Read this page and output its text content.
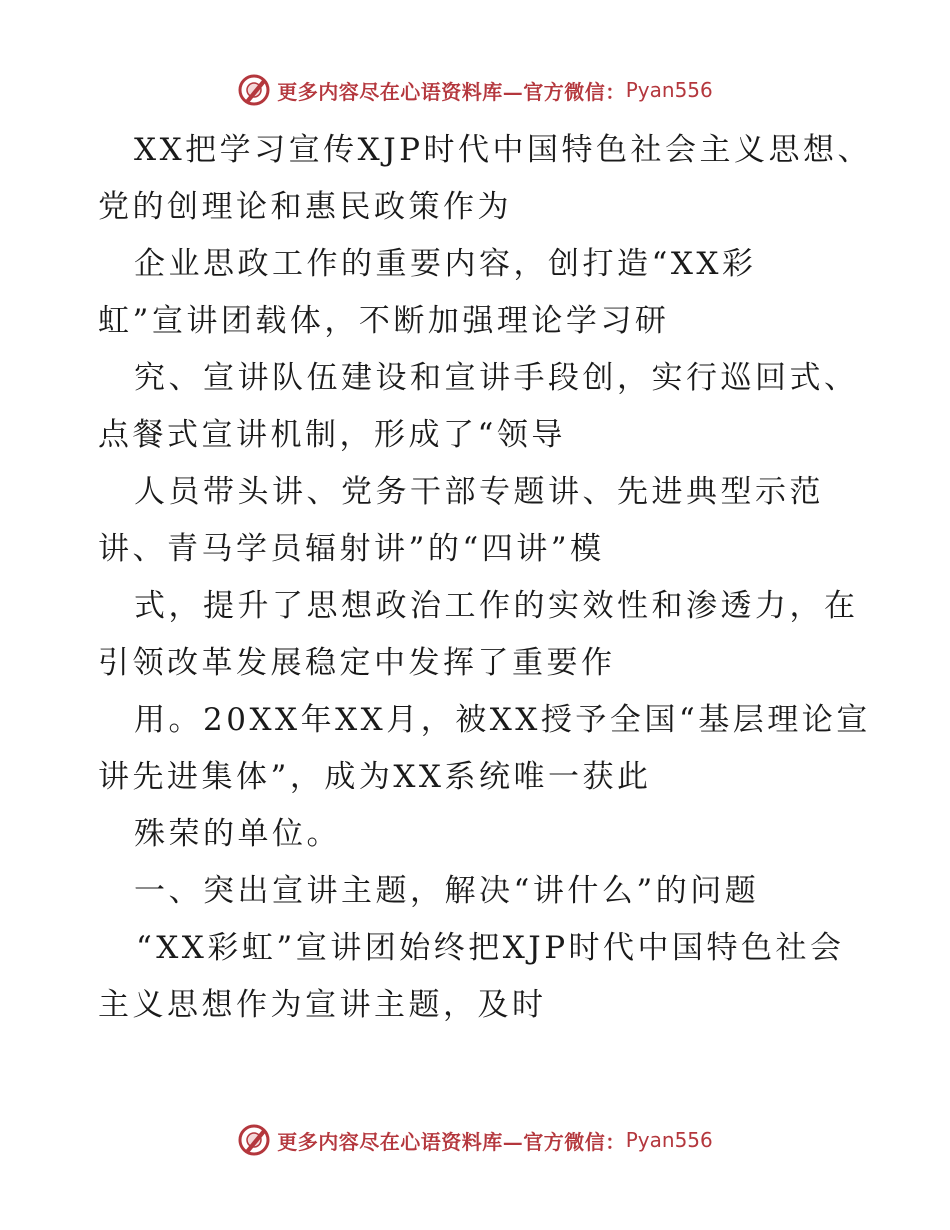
更多内容尽在心语资料库—官方微信： Pyan556
XX把学习宣传XJP时代中国特色社会主义思想、
党的创理论和惠民政策作为
企业思政工作的重要内容，创打造“XX彩
虹”宣讲团载体，不断加强理论学习研
究、宣讲队伍建设和宣讲手段创，实行巡回式、
点餐式宣讲机制，形成了“领导
人员带头讲、党务干部专题讲、先进典型示范
讲、青马学员辐射讲”的“四讲”模
式，提升了思想政治工作的实效性和渗透力，在
引领改革发展稳定中发挥了重要作
用。20XX年XX月，被XX授予全国“基层理论宣
讲先进集体”，成为XX系统唯一获此
殊荣的单位。
一、突出宣讲主题，解决“讲什么”的问题
“XX彩虹”宣讲团始终把XJP时代中国特色社会
主义思想作为宣讲主题，及时
更多内容尽在心语资料库—官方微信： Pyan556
